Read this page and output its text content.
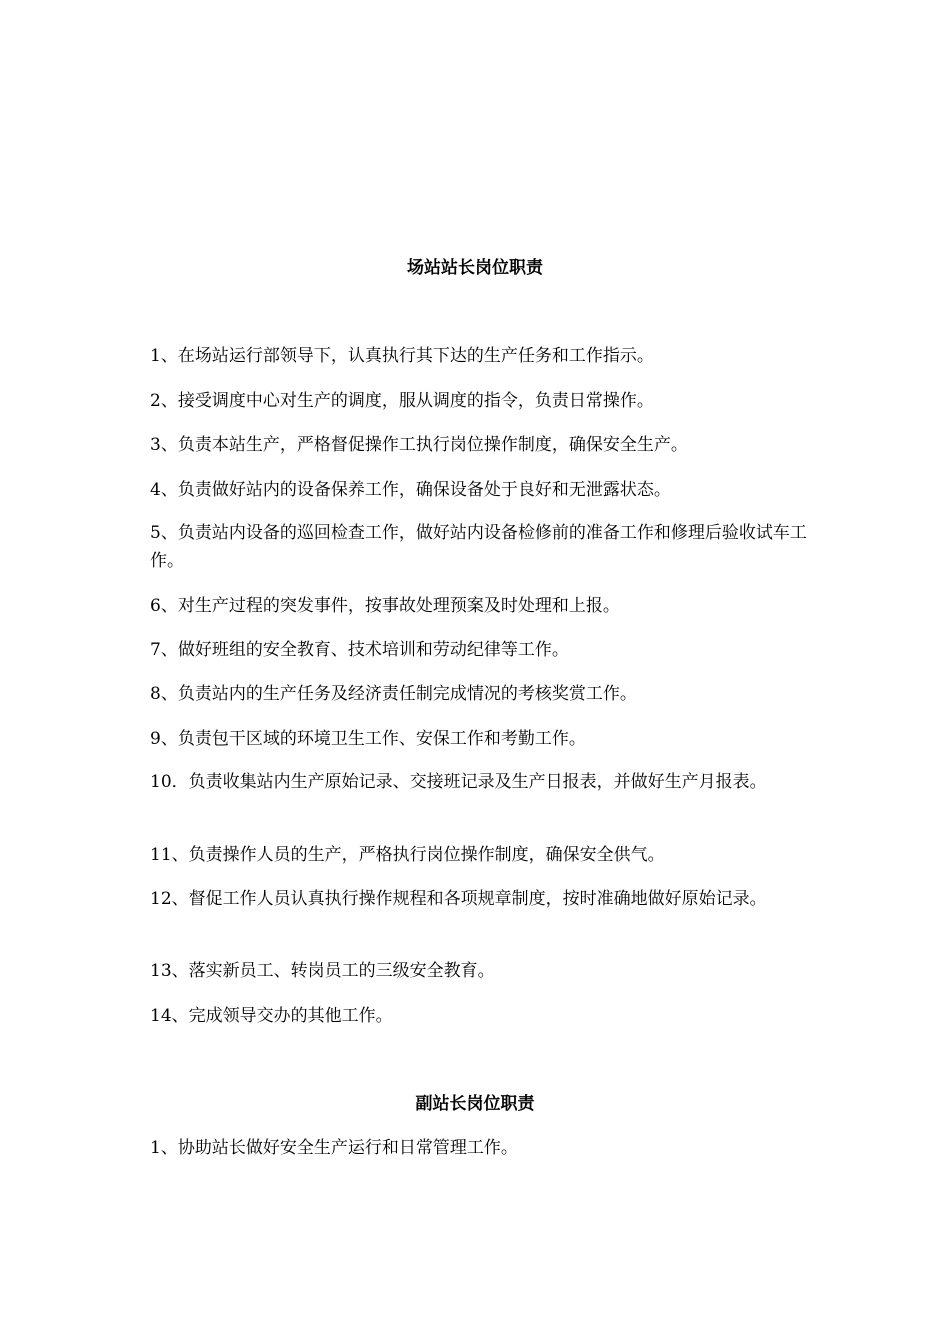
场站站长岗位职责

1、在场站运行部领导下，认真执行其下达的生产任务和工作指示。

2、接受调度中心对生产的调度，服从调度的指令，负责日常操作。

3、负责本站生产，严格督促操作工执行岗位操作制度，确保安全生产。

4、负责做好站内的设备保养工作，确保设备处于良好和无泄露状态。

5、负责站内设备的巡回检查工作，做好站内设备检修前的准备工作和修理后验收试车工作。

6、对生产过程的突发事件，按事故处理预案及时处理和上报。

7、做好班组的安全教育、技术培训和劳动纪律等工作。

8、负责站内的生产任务及经济责任制完成情况的考核奖赏工作。

9、负责包干区域的环境卫生工作、安保工作和考勤工作。

10．负责收集站内生产原始记录、交接班记录及生产日报表，并做好生产月报表。

11、负责操作人员的生产，严格执行岗位操作制度，确保安全供气。

12、督促工作人员认真执行操作规程和各项规章制度，按时准确地做好原始记录。

13、落实新员工、转岗员工的三级安全教育。

14、完成领导交办的其他工作。

副站长岗位职责

1、协助站长做好安全生产运行和日常管理工作。
